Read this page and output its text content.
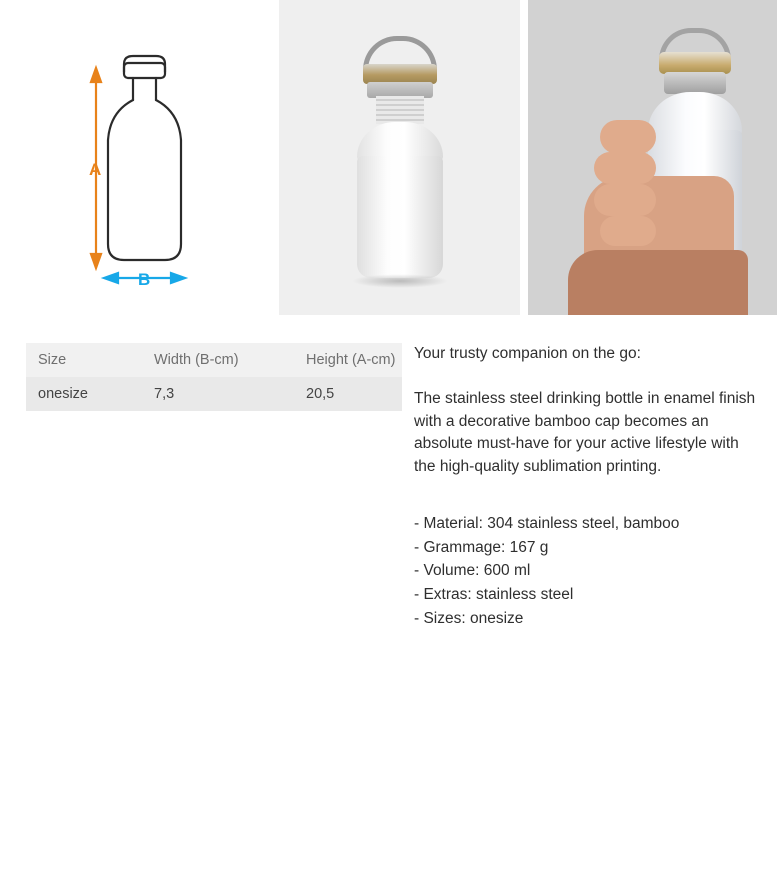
A
B
Size	Width (B-cm)	Height (A-cm)
onesize	7,3	20,5

Your trusty companion on the go:

The stainless steel drinking bottle in enamel finish with a decorative bamboo cap becomes an absolute must-have for your active lifestyle with the high-quality sublimation printing.

- Material: 304 stainless steel, bamboo
- Grammage: 167 g
- Volume: 600 ml
- Extras: stainless steel
- Sizes: onesize
